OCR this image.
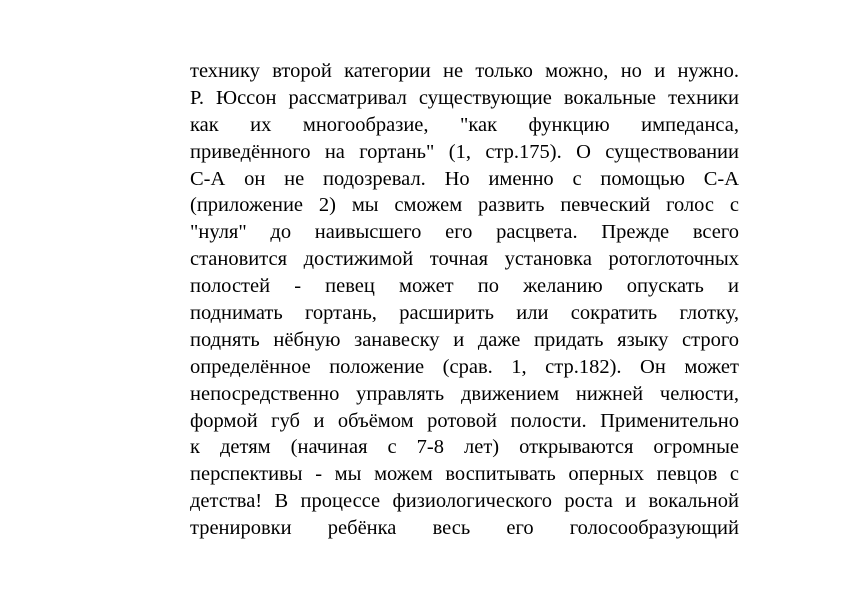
технику второй категории не только можно, но и нужно.
Р. Юссон рассматривал существующие вокальные техники
как их многообразие, "как функцию импеданса,
приведённого на гортань" (1, стр.175). О существовании
С-А он не подозревал. Но именно с помощью С-А
(приложение 2) мы сможем развить певческий голос с
"нуля" до наивысшего его расцвета. Прежде всего
становится достижимой точная установка ротоглоточных
полостей - певец может по желанию опускать и
поднимать гортань, расширить или сократить глотку,
поднять нёбную занавеску и даже придать языку строго
определённое положение (срав. 1, стр.182). Он может
непосредственно управлять движением нижней челюсти,
формой губ и объёмом ротовой полости. Применительно
к детям (начиная с 7-8 лет) открываются огромные
перспективы - мы можем воспитывать оперных певцов с
детства! В процессе физиологического роста и вокальной
тренировки ребёнка весь его голосообразующий
